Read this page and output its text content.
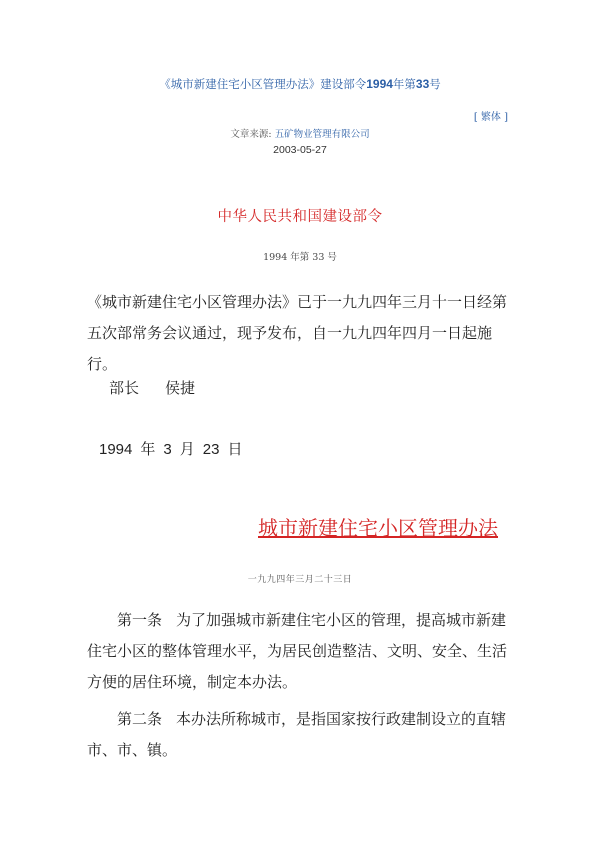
《城市新建住宅小区管理办法》建设部令1994年第33号
[ 繁体 ]
文章来源: 五矿物业管理有限公司
2003-05-27
中华人民共和国建设部令
1994 年第 33 号
《城市新建住宅小区管理办法》已于一九九四年三月十一日经第五次部常务会议通过，现予发布，自一九九四年四月一日起施行。
部长 侯捷
1994 年 3 月 23 日
城市新建住宅小区管理办法
一九九四年三月二十三日
第一条 为了加强城市新建住宅小区的管理，提高城市新建住宅小区的整体管理水平，为居民创造整洁、文明、安全、生活方便的居住环境，制定本办法。
第二条 本办法所称城市，是指国家按行政建制设立的直辖市、市、镇。
